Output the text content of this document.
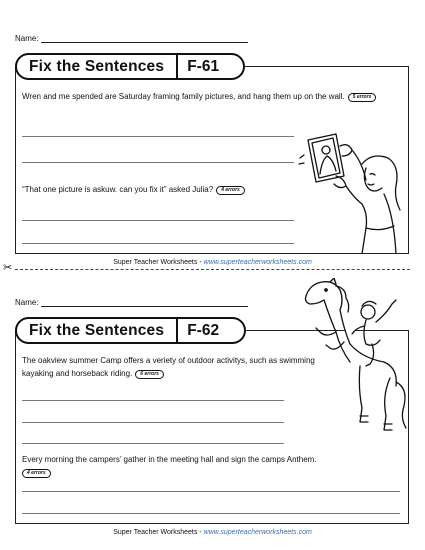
Name:
Fix the Sentences	F-61
Wren and me spended are Saturday framing family pictures, and hang them up on the wall. 5 errors
“That one picture is askuw. can you fix it” asked Julia? 4 errors
Super Teacher Worksheets - www.superteacherworksheets.com
✂
Name:
Fix the Sentences	F-62
The oakview summer Camp offers a veriety of outdoor activitys, such as swimming kayaking and horseback riding. 6 errors
Every morning the campers’ gather in the meeting hall and sign the camps Anthem.
4 errors
Super Teacher Worksheets - www.superteacherworksheets.com
